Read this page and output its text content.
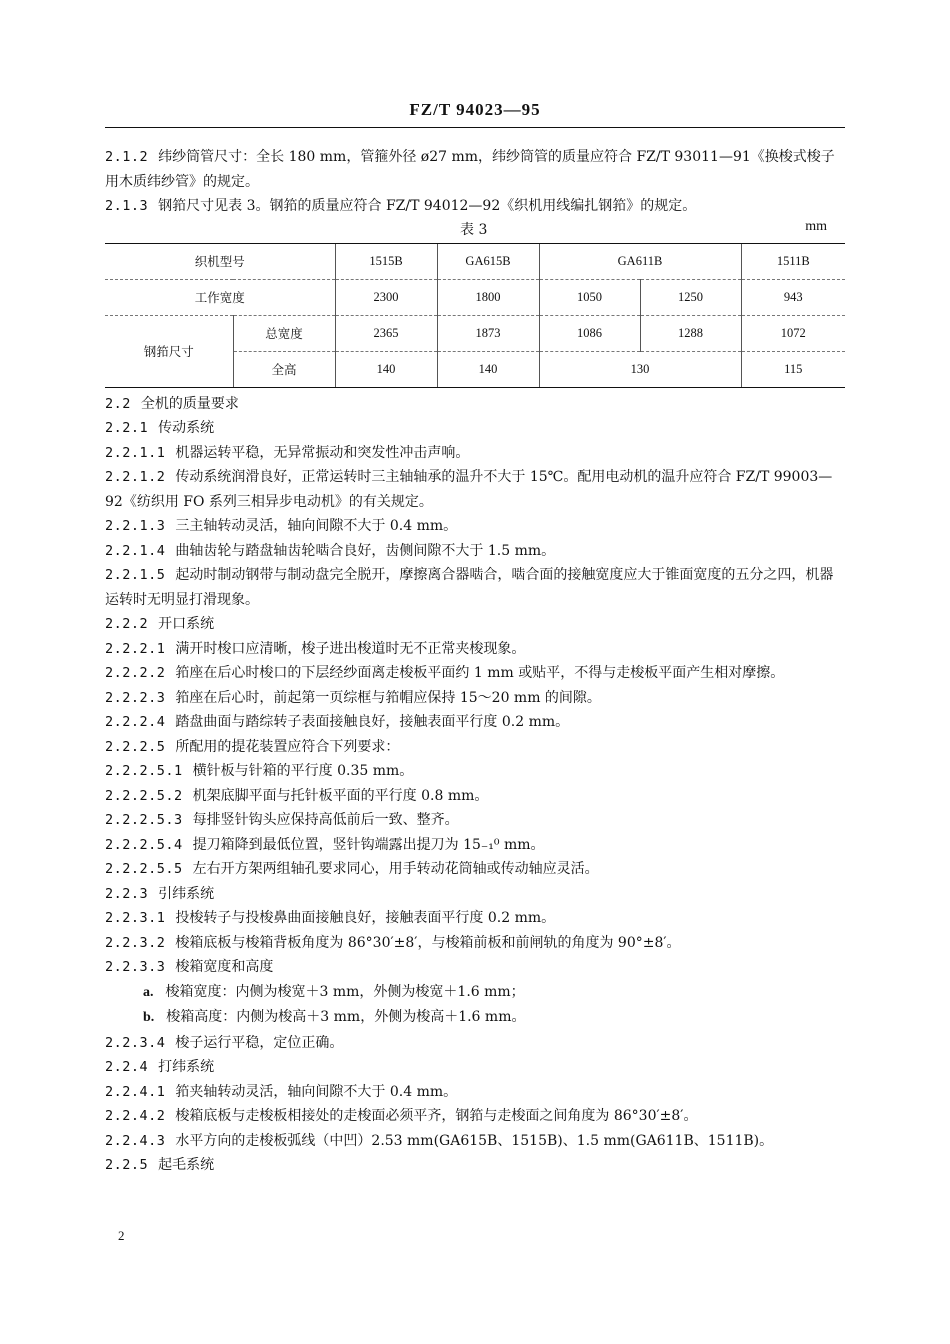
FZ/T 94023—95

2.1.2 纬纱筒管尺寸：全长 180 mm，管箍外径 ø27 mm，纬纱筒管的质量应符合 FZ/T 93011—91《换梭式梭子用木质纬纱管》的规定。

2.1.3 钢筘尺寸见表 3。钢筘的质量应符合 FZ/T 94012—92《织机用线编扎钢筘》的规定。

表 3	mm
织机型号		1515B	GA615B	GA611B		1511B
工作宽度		2300	1800	1050	1250	943
钢筘尺寸	总宽度	2365	1873	1086	1288	1072
	全高	140	140	130		115

2.2 全机的质量要求

2.2.1 传动系统

2.2.1.1 机器运转平稳，无异常振动和突发性冲击声响。

2.2.1.2 传动系统润滑良好，正常运转时三主轴轴承的温升不大于 15℃。配用电动机的温升应符合 FZ/T 99003—92《纺织用 FO 系列三相异步电动机》的有关规定。

2.2.1.3 三主轴转动灵活，轴向间隙不大于 0.4 mm。

2.2.1.4 曲轴齿轮与踏盘轴齿轮啮合良好，齿侧间隙不大于 1.5 mm。

2.2.1.5 起动时制动钢带与制动盘完全脱开，摩擦离合器啮合，啮合面的接触宽度应大于锥面宽度的五分之四，机器运转时无明显打滑现象。

2.2.2 开口系统

2.2.2.1 满开时梭口应清晰，梭子进出梭道时无不正常夹梭现象。

2.2.2.2 筘座在后心时梭口的下层经纱面离走梭板平面约 1 mm 或贴平，不得与走梭板平面产生相对摩擦。

2.2.2.3 筘座在后心时，前起第一页综框与筘帽应保持 15～20 mm 的间隙。

2.2.2.4 踏盘曲面与踏综转子表面接触良好，接触表面平行度 0.2 mm。

2.2.2.5 所配用的提花装置应符合下列要求：

2.2.2.5.1 横针板与针箱的平行度 0.35 mm。

2.2.2.5.2 机架底脚平面与托针板平面的平行度 0.8 mm。

2.2.2.5.3 每排竖针钩头应保持高低前后一致、整齐。

2.2.2.5.4 提刀箱降到最低位置，竖针钩端露出提刀为 15₋₁⁰ mm。

2.2.2.5.5 左右开方架两组轴孔要求同心，用手转动花筒轴或传动轴应灵活。

2.2.3 引纬系统

2.2.3.1 投梭转子与投梭鼻曲面接触良好，接触表面平行度 0.2 mm。

2.2.3.2 梭箱底板与梭箱背板角度为 86°30′±8′，与梭箱前板和前闸轨的角度为 90°±8′。

2.2.3.3 梭箱宽度和高度

a. 梭箱宽度：内侧为梭宽＋3 mm，外侧为梭宽＋1.6 mm；

b. 梭箱高度：内侧为梭高＋3 mm，外侧为梭高＋1.6 mm。

2.2.3.4 梭子运行平稳，定位正确。

2.2.4 打纬系统

2.2.4.1 筘夹轴转动灵活，轴向间隙不大于 0.4 mm。

2.2.4.2 梭箱底板与走梭板相接处的走梭面必须平齐，钢筘与走梭面之间角度为 86°30′±8′。

2.2.4.3 水平方向的走梭板弧线（中凹）2.53 mm(GA615B、1515B)、1.5 mm(GA611B、1511B)。

2.2.5 起毛系统

2
